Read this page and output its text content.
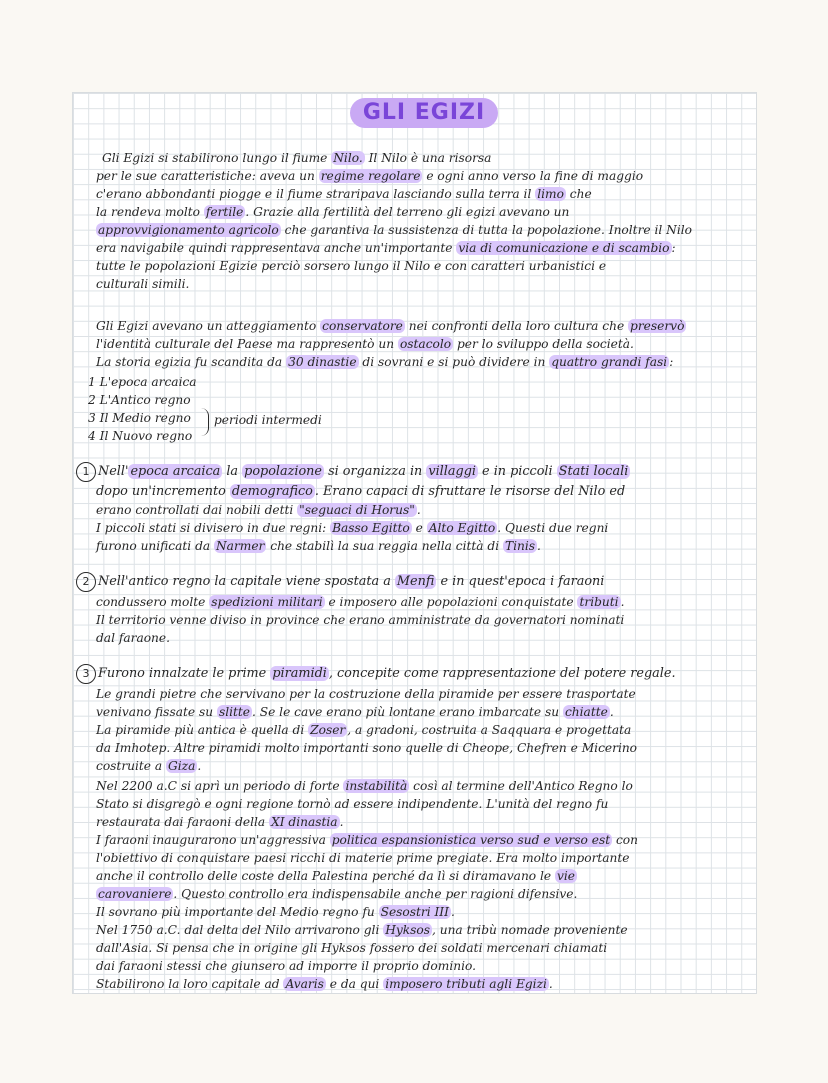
GLI EGIZI
Gli Egizi si stabilirono lungo il fiume Nilo. Il Nilo è una risorsa
per le sue caratteristiche: aveva un regime regolare e ogni anno verso la fine di maggio
c'erano abbondanti piogge e il fiume straripava lasciando sulla terra il limo che
la rendeva molto fertile . Grazie alla fertilità del terreno gli egizi avevano un
approvvigionamento agricolo che garantiva la sussistenza di tutta la popolazione. Inoltre il Nilo
era navigabile quindi rappresentava anche un'importante via di comunicazione e di scambio :
tutte le popolazioni Egizie perciò sorsero lungo il Nilo e con caratteri urbanistici e
culturali simili.
Gli Egizi avevano un atteggiamento conservatore nei confronti della loro cultura che preservò
l'identità culturale del Paese ma rappresentò un ostacolo per lo sviluppo della società.
La storia egizia fu scandita da 30 dinastie di sovrani e si può dividere in quattro grandi fasi :
1 L'epoca arcaica
2 L'Antico regno
3 Il Medio regno
4 Il Nuovo regno
periodi intermedi
1 Nell' epoca arcaica la popolazione si organizza in villaggi e in piccoli Stati locali
dopo un'incremento demografico . Erano capaci di sfruttare le risorse del Nilo ed
erano controllati dai nobili detti "seguaci di Horus" .
I piccoli stati si divisero in due regni: Basso Egitto e Alto Egitto . Questi due regni
furono unificati da Narmer che stabilì la sua reggia nella città di Tinis .
2 Nell'antico regno la capitale viene spostata a Menfi e in quest'epoca i faraoni
condussero molte spedizioni militari e imposero alle popolazioni conquistate tributi .
Il territorio venne diviso in province che erano amministrate da governatori nominati
dal faraone.
3 Furono innalzate le prime piramidi , concepite come rappresentazione del potere regale.
Le grandi pietre che servivano per la costruzione della piramide per essere trasportate
venivano fissate su slitte . Se le cave erano più lontane erano imbarcate su chiatte .
La piramide più antica è quella di Zoser , a gradoni, costruita a Saqquara e progettata
da Imhotep. Altre piramidi molto importanti sono quelle di Cheope, Chefren e Micerino
costruite a Giza .
Nel 2200 a.C si aprì un periodo di forte instabilità così al termine dell'Antico Regno lo
Stato si disgregò e ogni regione tornò ad essere indipendente. L'unità del regno fu
restaurata dai faraoni della XI dinastia .
I faraoni inaugurarono un'aggressiva politica espansionistica verso sud e verso est con
l'obiettivo di conquistare paesi ricchi di materie prime pregiate. Era molto importante
anche il controllo delle coste della Palestina perché da lì si diramavano le vie
carovaniere . Questo controllo era indispensabile anche per ragioni difensive.
Il sovrano più importante del Medio regno fu Sesostri III .
Nel 1750 a.C. dal delta del Nilo arrivarono gli Hyksos , una tribù nomade proveniente
dall'Asia. Si pensa che in origine gli Hyksos fossero dei soldati mercenari chiamati
dai faraoni stessi che giunsero ad imporre il proprio dominio.
Stabilirono la loro capitale ad Avaris e da qui imposero tributi agli Egizi .
